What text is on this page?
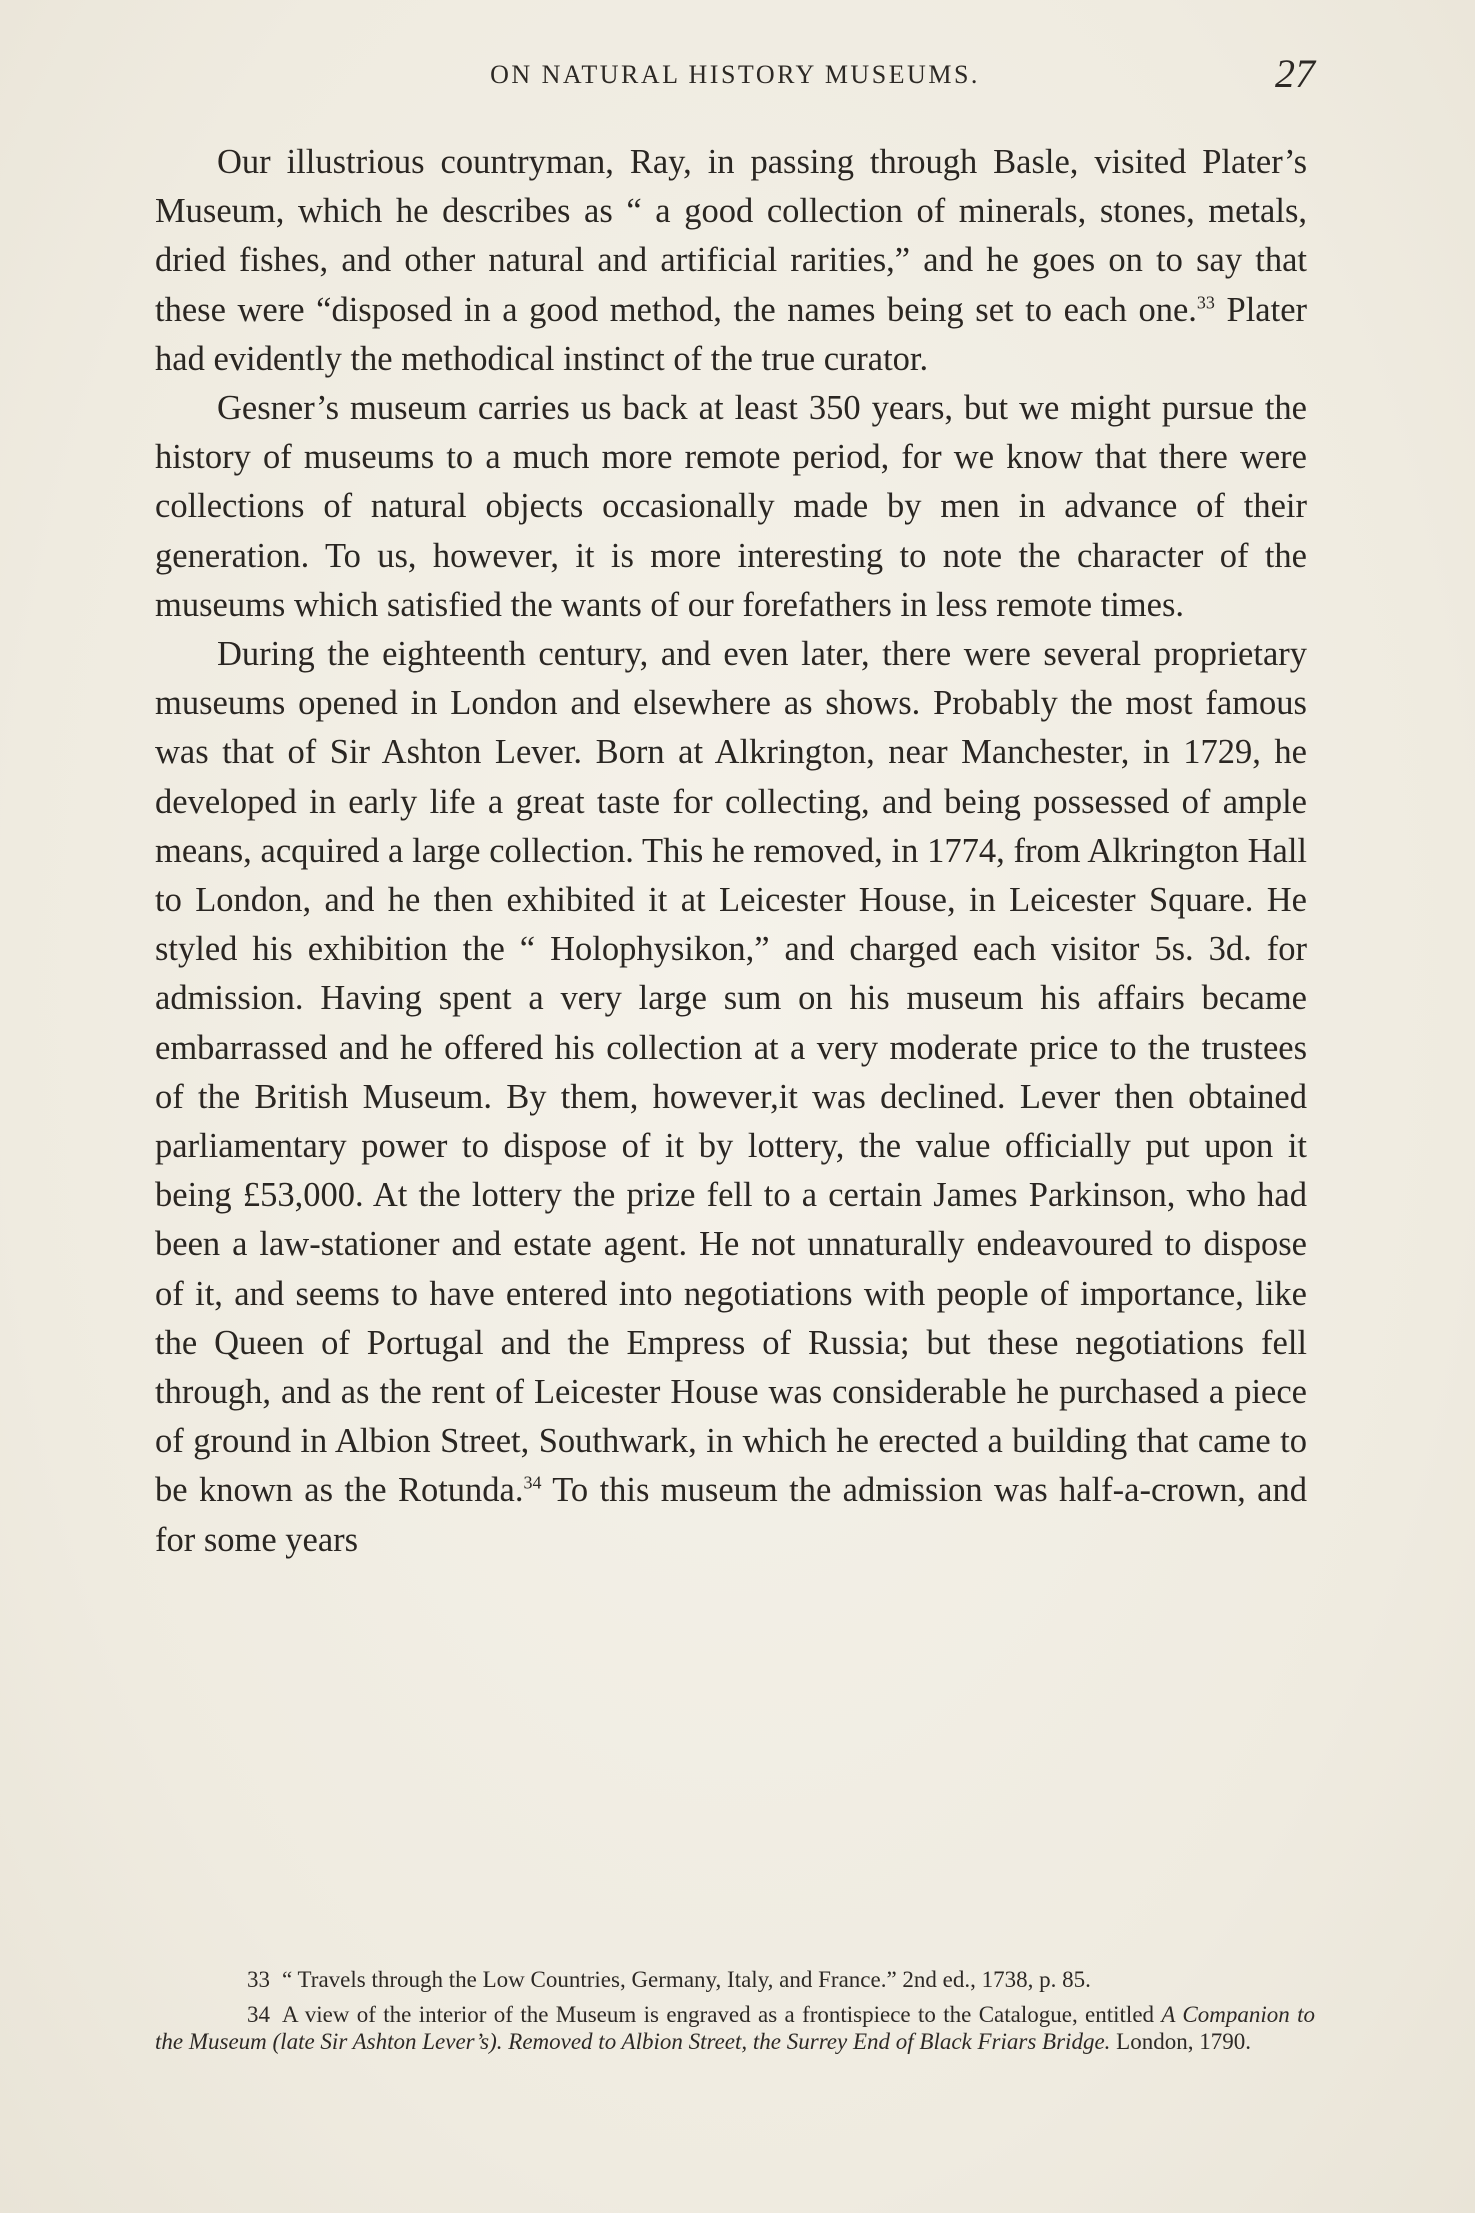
ON NATURAL HISTORY MUSEUMS.	27

Our illustrious countryman, Ray, in passing through Basle, visited Plater’s Museum, which he describes as “ a good collection of minerals, stones, metals, dried fishes, and other natural and artificial rarities,” and he goes on to say that these were “disposed in a good method, the names being set to each one.$^{33}$ Plater had evidently the methodical instinct of the true curator.

Gesner’s museum carries us back at least 350 years, but we might pursue the history of museums to a much more remote period, for we know that there were collections of natural objects occasionally made by men in advance of their generation. To us, however, it is more interesting to note the character of the museums which satisfied the wants of our forefathers in less remote times.

During the eighteenth century, and even later, there were several proprietary museums opened in London and elsewhere as shows. Probably the most famous was that of Sir Ashton Lever. Born at Alkrington, near Manchester, in 1729, he developed in early life a great taste for collecting, and being possessed of ample means, acquired a large collection. This he removed, in 1774, from Alkrington Hall to London, and he then exhibited it at Leicester House, in Leicester Square. He styled his exhibition the “ Holophysikon,” and charged each visitor 5s. 3d. for admission. Having spent a very large sum on his museum his affairs became embarrassed and he offered his collection at a very moderate price to the trustees of the British Museum. By them, however,it was declined. Lever then obtained parliamentary power to dispose of it by lottery, the value officially put upon it being £53,000. At the lottery the prize fell to a certain James Parkinson, who had been a law-stationer and estate agent. He not unnaturally endeavoured to dispose of it, and seems to have entered into negotiations with people of importance, like the Queen of Portugal and the Empress of Russia; but these negotiations fell through, and as the rent of Leicester House was considerable he purchased a piece of ground in Albion Street, Southwark, in which he erected a building that came to be known as the Rotunda.$^{34}$ To this museum the admission was half-a-crown, and for some years

33 “ Travels through the Low Countries, Germany, Italy, and France.” 2nd ed., 1738, p. 85.

34 A view of the interior of the Museum is engraved as a frontispiece to the Catalogue, entitled A Companion to the Museum (late Sir Ashton Lever’s). Removed to Albion Street, the Surrey End of Black Friars Bridge. London, 1790.
